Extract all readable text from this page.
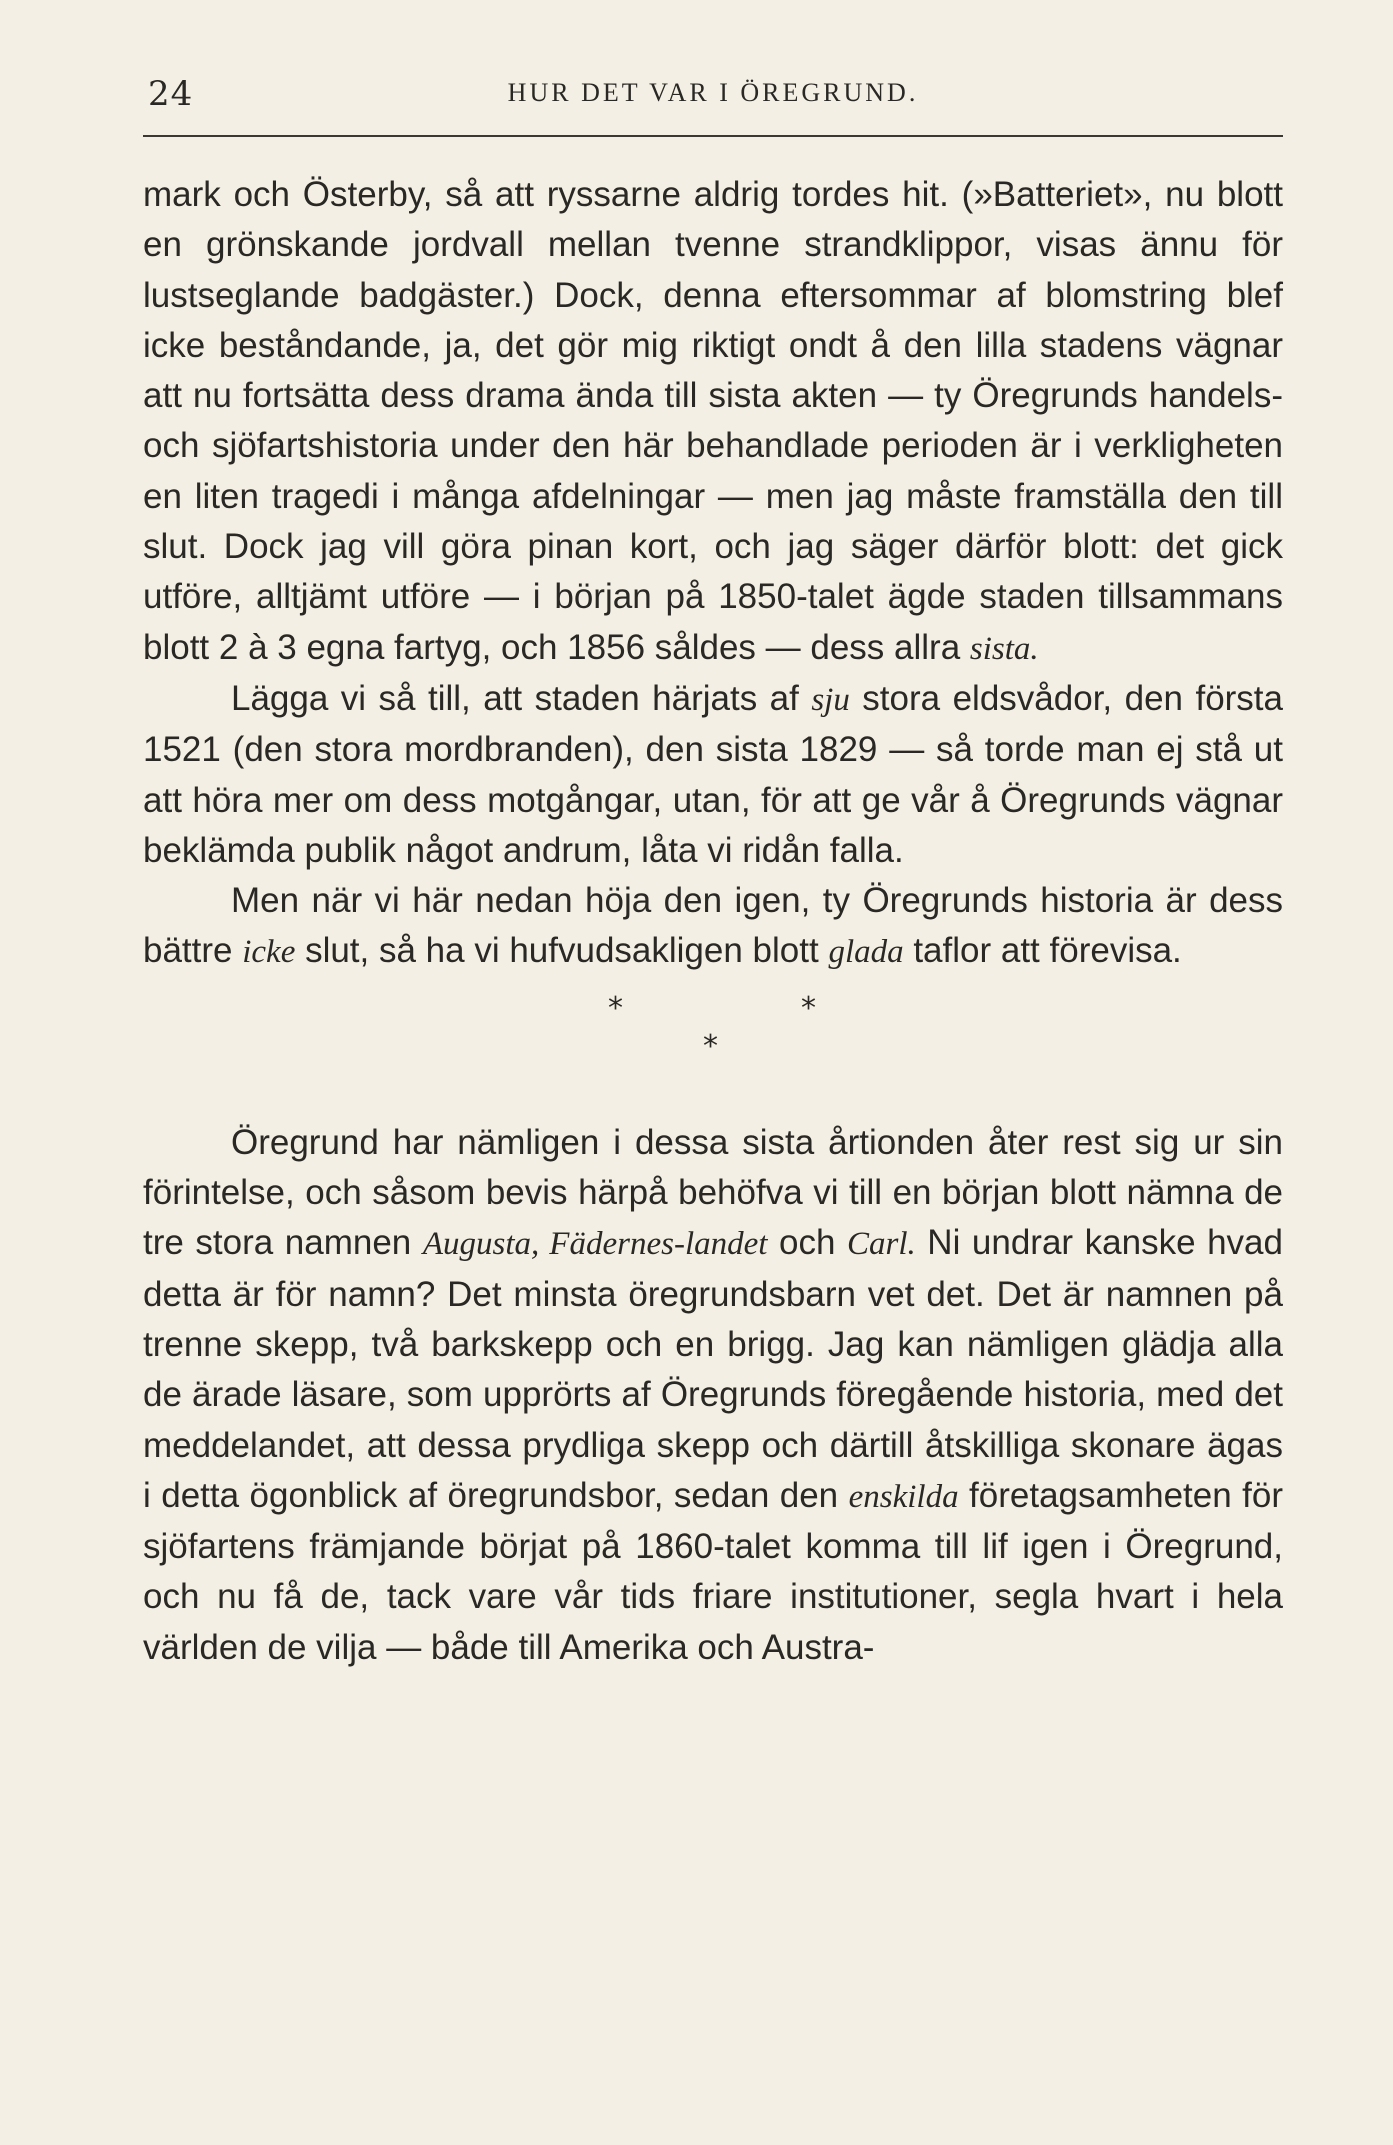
24	HUR DET VAR I ÖREGRUND.

mark och Österby, så att ryssarne aldrig tordes hit. (»Batteriet», nu blott en grönskande jordvall mellan tvenne strandklippor, visas ännu för lustseglande badgäster.) Dock, denna eftersommar af blomstring blef icke beståndande, ja, det gör mig riktigt ondt å den lilla stadens vägnar att nu fortsätta dess drama ända till sista akten — ty Öregrunds handels- och sjöfartshistoria under den här behandlade perioden är i verkligheten en liten tragedi i många afdelningar — men jag måste framställa den till slut. Dock jag vill göra pinan kort, och jag säger därför blott: det gick utföre, alltjämt utföre — i början på 1850-talet ägde staden tillsammans blott 2 à 3 egna fartyg, och 1856 såldes — dess allra sista.

Lägga vi så till, att staden härjats af sju stora eldsvådor, den första 1521 (den stora mordbranden), den sista 1829 — så torde man ej stå ut att höra mer om dess motgångar, utan, för att ge vår å Öregrunds vägnar beklämda publik något andrum, låta vi ridån falla.

Men när vi här nedan höja den igen, ty Öregrunds historia är dess bättre icke slut, så ha vi hufvudsakligen blott glada taflor att förevisa.

*	*
*

Öregrund har nämligen i dessa sista årtionden åter rest sig ur sin förintelse, och såsom bevis härpå behöfva vi till en början blott nämna de tre stora namnen Augusta, Fädernes-landet och Carl. Ni undrar kanske hvad detta är för namn? Det minsta öregrundsbarn vet det. Det är namnen på trenne skepp, två barkskepp och en brigg. Jag kan nämligen glädja alla de ärade läsare, som upprörts af Öregrunds föregående historia, med det meddelandet, att dessa prydliga skepp och därtill åtskilliga skonare ägas i detta ögonblick af öregrundsbor, sedan den enskilda företagsamheten för sjöfartens främjande börjat på 1860-talet komma till lif igen i Öregrund, och nu få de, tack vare vår tids friare institutioner, segla hvart i hela världen de vilja — både till Amerika och Austra-
